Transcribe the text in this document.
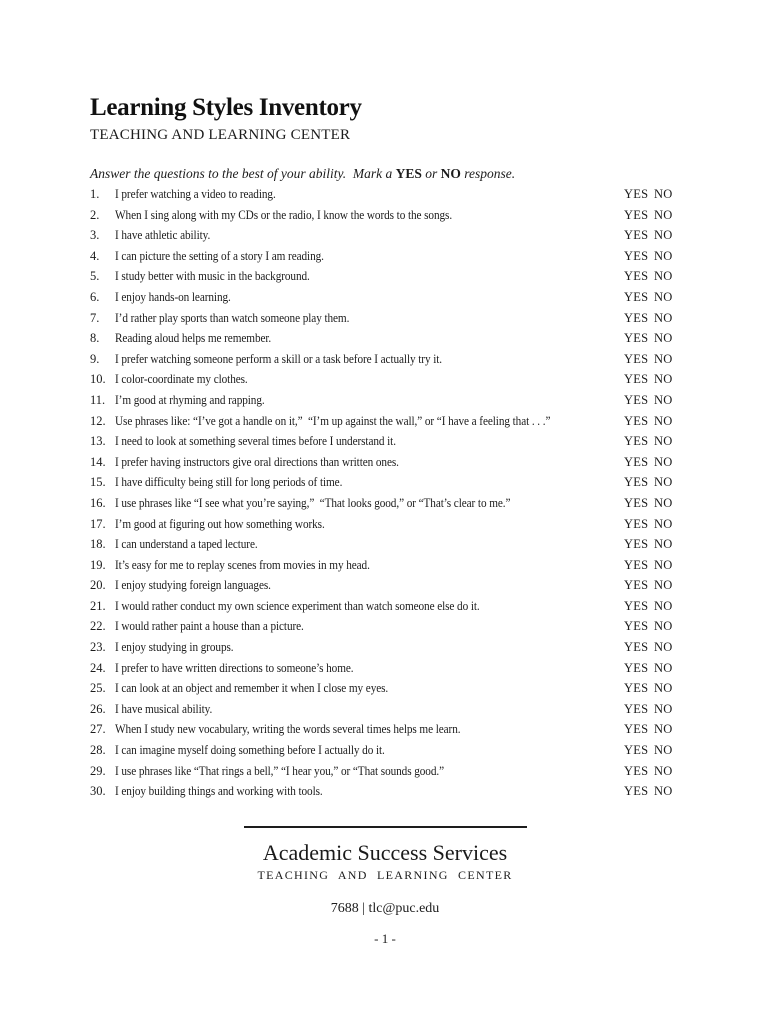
Learning Styles Inventory
TEACHING AND LEARNING CENTER

Answer the questions to the best of your ability.  Mark a YES or NO response.

1.	I prefer watching a video to reading.	YES NO
2.	When I sing along with my CDs or the radio, I know the words to the songs.	YES NO
3.	I have athletic ability.	YES NO
4.	I can picture the setting of a story I am reading.	YES NO
5.	I study better with music in the background.	YES NO
6.	I enjoy hands-on learning.	YES NO
7.	I’d rather play sports than watch someone play them.	YES NO
8.	Reading aloud helps me remember.	YES NO
9.	I prefer watching someone perform a skill or a task before I actually try it.	YES NO
10. I color-coordinate my clothes.	YES NO
11. I’m good at rhyming and rapping.	YES NO
12. Use phrases like: “I’ve got a handle on it,”  “I’m up against the wall,” or “I have a feeling that . . .”	YES NO
13. I need to look at something several times before I understand it.	YES NO
14. I prefer having instructors give oral directions than written ones.	YES NO
15. I have difficulty being still for long periods of time.	YES NO
16. I use phrases like “I see what you’re saying,”  “That looks good,” or “That’s clear to me.”	YES NO
17. I’m good at figuring out how something works.	YES NO
18. I can understand a taped lecture.	YES NO
19. It’s easy for me to replay scenes from movies in my head.	YES NO
20. I enjoy studying foreign languages.	YES NO
21. I would rather conduct my own science experiment than watch someone else do it.	YES NO
22. I would rather paint a house than a picture.	YES NO
23. I enjoy studying in groups.	YES NO
24. I prefer to have written directions to someone’s home.	YES NO
25. I can look at an object and remember it when I close my eyes.	YES NO
26. I have musical ability.	YES NO
27. When I study new vocabulary, writing the words several times helps me learn.	YES NO
28. I can imagine myself doing something before I actually do it.	YES NO
29. I use phrases like “That rings a bell,” “I hear you,” or “That sounds good.”	YES NO
30. I enjoy building things and working with tools.	YES NO
Academic Success Services
TEACHING AND LEARNING CENTER
7688 | tlc@puc.edu
- 1 -
